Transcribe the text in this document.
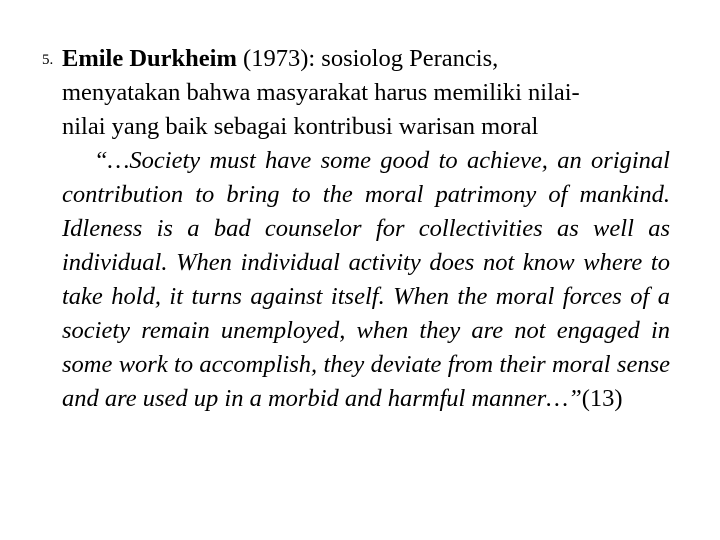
5. Emile Durkheim (1973): sosiolog Perancis,
menyatakan bahwa masyarakat harus memiliki nilai-
nilai yang baik sebagai kontribusi warisan moral
“…Society must have some good to achieve, an original contribution to bring to the moral patrimony of mankind. Idleness is a bad counselor for collectivities as well as individual. When individual activity does not know where to take hold, it turns against itself. When the moral forces of a society remain unemployed, when they are not engaged in some work to accomplish, they deviate from their moral sense and are used up in a morbid and harmful manner…”(13)
